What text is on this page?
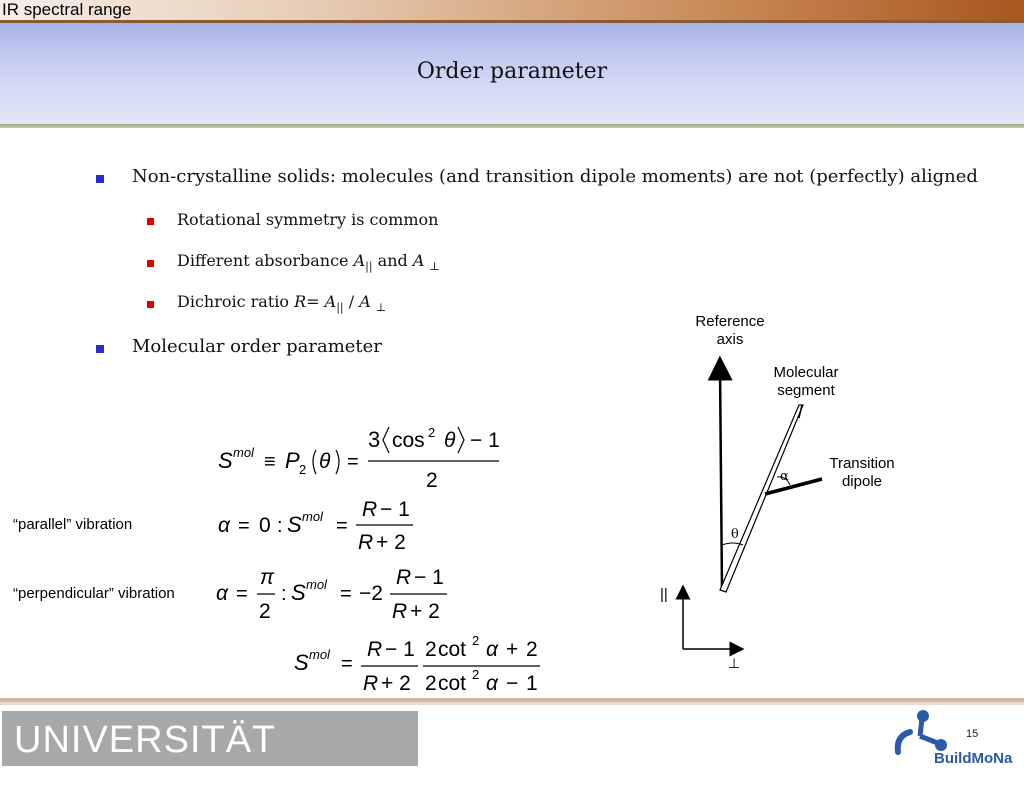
IR spectral range
Order parameter
Non-crystalline solids: molecules (and transition dipole moments) are not (perfectly) aligned
Rotational symmetry is common
Different absorbance $A_{||}$ and A $_\perp$
Dichroic ratio $R= A_{||} / A$ $_\perp$
Molecular order parameter
“parallel” vibration
“perpendicular” vibration
S mol ≡ P 2 θ =
3 cos 2 θ − 1
2
α = 0 : S mol =
R − 1
R + 2
α =
π
2
: S mol = −2
R − 1
R + 2
S mol =
R − 1
R + 2
2 cot 2 α + 2
2 cot 2 α − 1
Reference axis
Molecular segment
Transition dipole
θ
α
||
⊥
UNIVERSITÄT LEIPZIG
15
BuildMoNa
